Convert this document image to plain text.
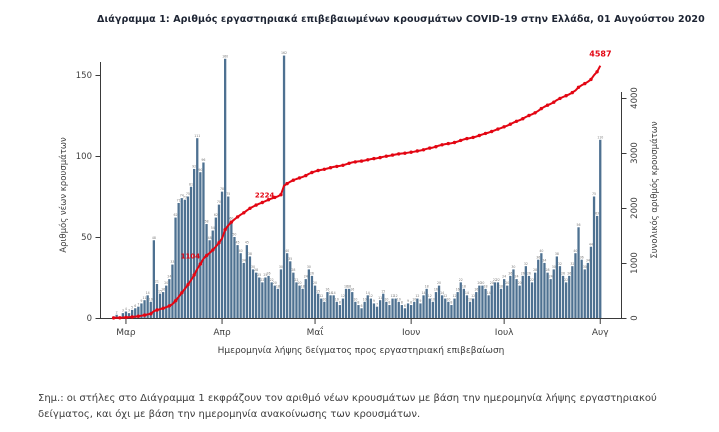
Αριθμός νέων κρουσμάτων	Συνολικός αριθμός κρουσμάτων
Ημερομηνία λήψης δείγματος προς εργαστηριακή επιβεβαίωση
0
50
100
150
0
1000
2000
3000
4000
Μαρ	Απρ	Μαΐ	Ιουν	Ιουλ	Αυγ
2 3 4 3
5 6 7
9
11
14
10
48
21
15 16
20
24
33
62
71
74 73
75
81
92
111
90
96
58
48
54
62
70
78
160
75
60
50
45
40
34
45
38
30
28
25
22
25 26
22
20
18
30
162
40
35
28
22
20
18
24
30
26
20
15
12
10
16
14 14
10
8
12
18 18
16
10
8
6
10
14
12
9
7
11
15
10
8
12 12
10
8
6
9 8
10
12
9
14
18
12
10
16
20
14
12
10
8
12
16
22
18
14
10
12
16
20 20
18
14
20
22 22
18
24
20
26
30
24
20
26
32
26
22
28
36
40
34
28
24
30
38
32
26
22
26
32
40
56
36
30
34
44
75
63
110
1104
2224
4587
Διάγραμμα 1: Αριθμός εργαστηριακά επιβεβαιωμένων κρουσμάτων COVID-19 στην Ελλάδα, 01 Αυγούστου 2020
Σημ.: οι στήλες στο Διάγραμμα 1 εκφράζουν τον αριθμό νέων κρουσμάτων με βάση την ημερομηνία λήψης εργαστηριακού δείγματος, και όχι με βάση την ημερομηνία ανακοίνωσης των κρουσμάτων.
